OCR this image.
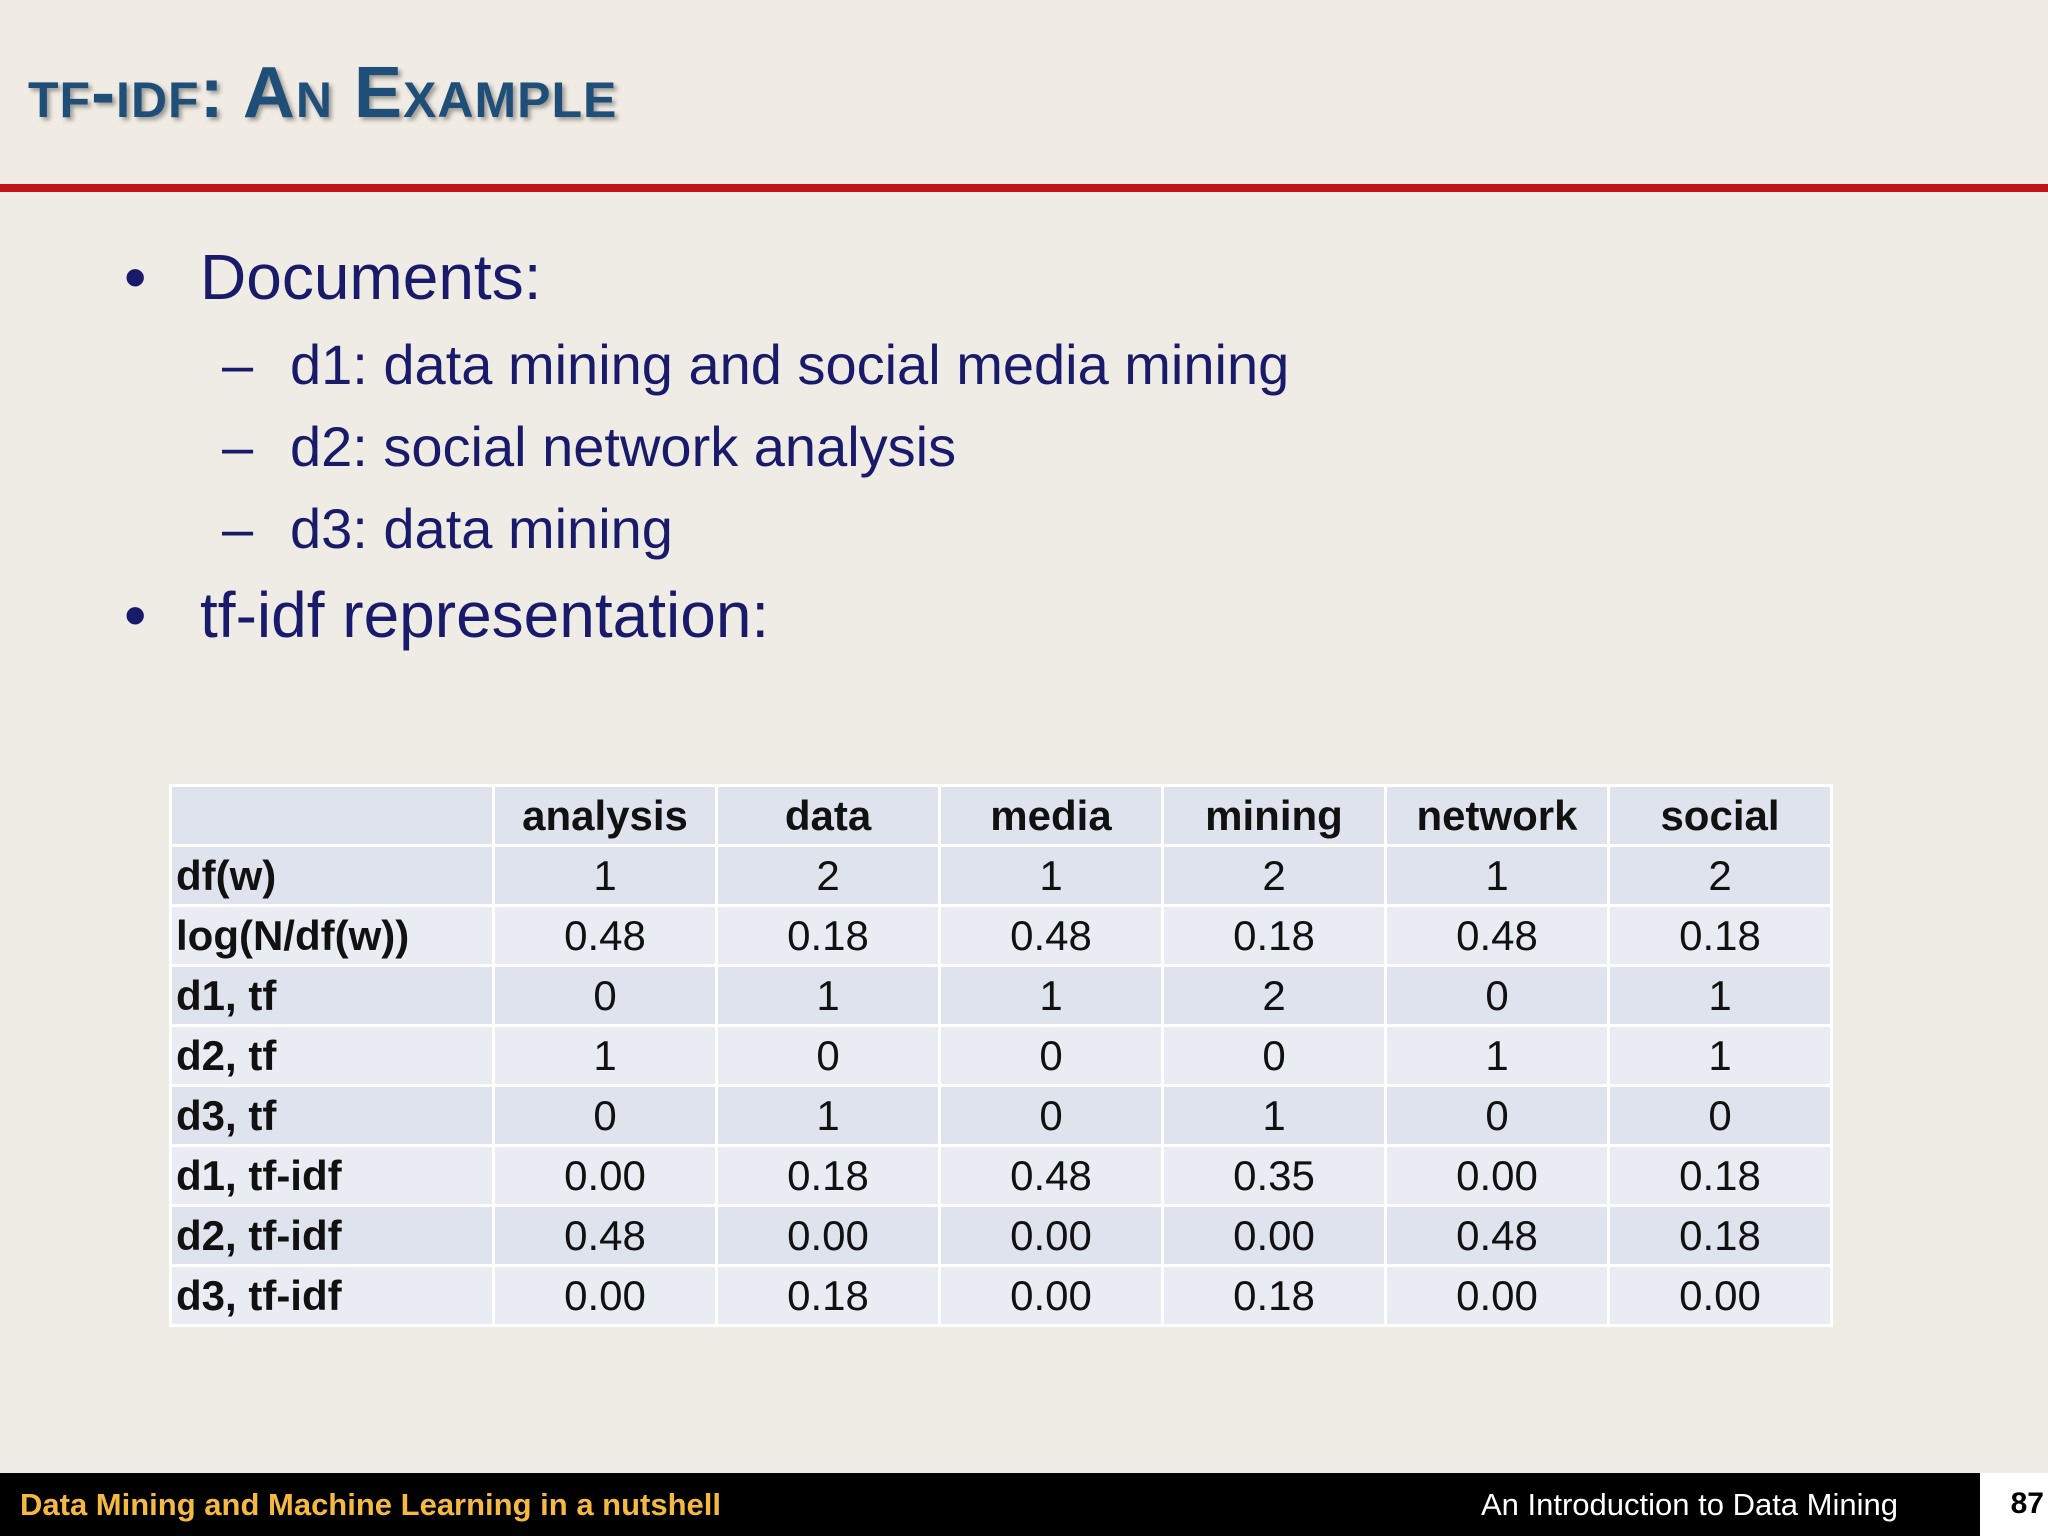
tf-idf: An Example
• Documents:
– d1: data mining and social media mining
– d2: social network analysis
– d3: data mining
• tf-idf representation:
	analysis	data	media	mining	network	social
df(w)	1	2	1	2	1	2
log(N/df(w))	0.48	0.18	0.48	0.18	0.48	0.18
d1, tf	0	1	1	2	0	1
d2, tf	1	0	0	0	1	1
d3, tf	0	1	0	1	0	0
d1, tf-idf	0.00	0.18	0.48	0.35	0.00	0.18
d2, tf-idf	0.48	0.00	0.00	0.00	0.48	0.18
d3, tf-idf	0.00	0.18	0.00	0.18	0.00	0.00
Data Mining and Machine Learning in a nutshell	An Introduction to Data Mining	87
